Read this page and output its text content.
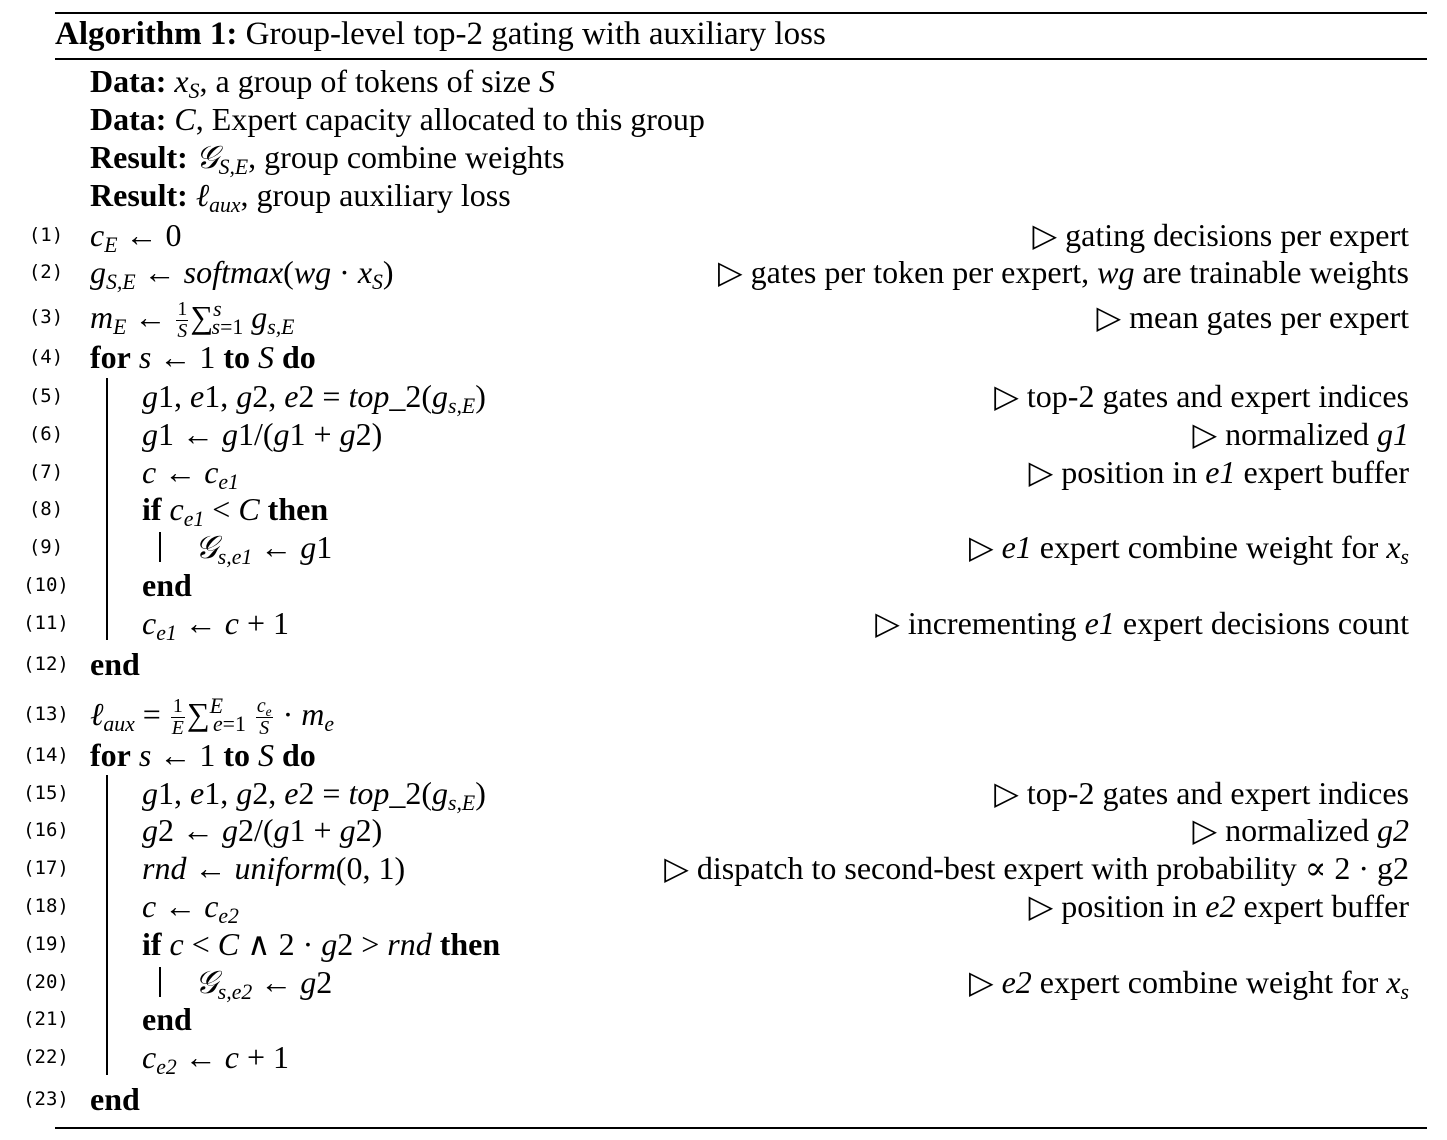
Algorithm 1: Group-level top-2 gating with auxiliary loss
Data: $x_S$, a group of tokens of size S
Data: C, Expert capacity allocated to this group
Result: 𝒢$_{S,E}$, group combine weights
Result: ℓ$_{aux}$, group auxiliary loss
(1) $c_E$ ← 0	▷ gating decisions per expert
(2) $g_{S,E}$ ← softmax(wg · $x_S$)	▷ gates per token per expert, wg are trainable weights
(3) $m_E$ ← $\frac{1}{S} \sum^s_{s=1}$ $g_{s,E}$	▷ mean gates per expert
(4) for s ← 1 to S do
(5) g1, e1, g2, $e2 = top\_2(g_{s,E})$	▷ top-2 gates and expert indices
(6) g1 ← g1/(g1 + g2)	▷ normalized g1
(7) c ← $c_{e1}$	▷ position in e1 expert buffer
(8) if $c_{e1} < C$ then
(9)	𝒢$_{s,e1}$ ← g1	▷ e1 expert combine weight for $x_s$
(10) end
(11) $c_{e1}$ ← c + 1	▷ incrementing e1 expert decisions count
(12) end
(13) ℓ$_{aux}$ = $\frac{1}{E} \sum^E_{e=1} \frac{c_e}{S} \cdot m_e$
(14) for s ← 1 to S do
(15) g1, e1, g2, $e2 = top\_2(g_{s,E})$	▷ top-2 gates and expert indices
(16) g2 ← g2/(g1 + g2)	▷ normalized g2
(17) rnd ← uniform(0, 1)	▷ dispatch to second-best expert with probability ∝ 2 · g2
(18) c ← $c_{e2}$	▷ position in e2 expert buffer
(19) if c < C ∧ 2 · g2 > rnd then
(20)	𝒢$_{s,e2}$ ← g2	▷ e2 expert combine weight for $x_s$
(21) end
(22) $c_{e2}$ ← c + 1
(23) end
